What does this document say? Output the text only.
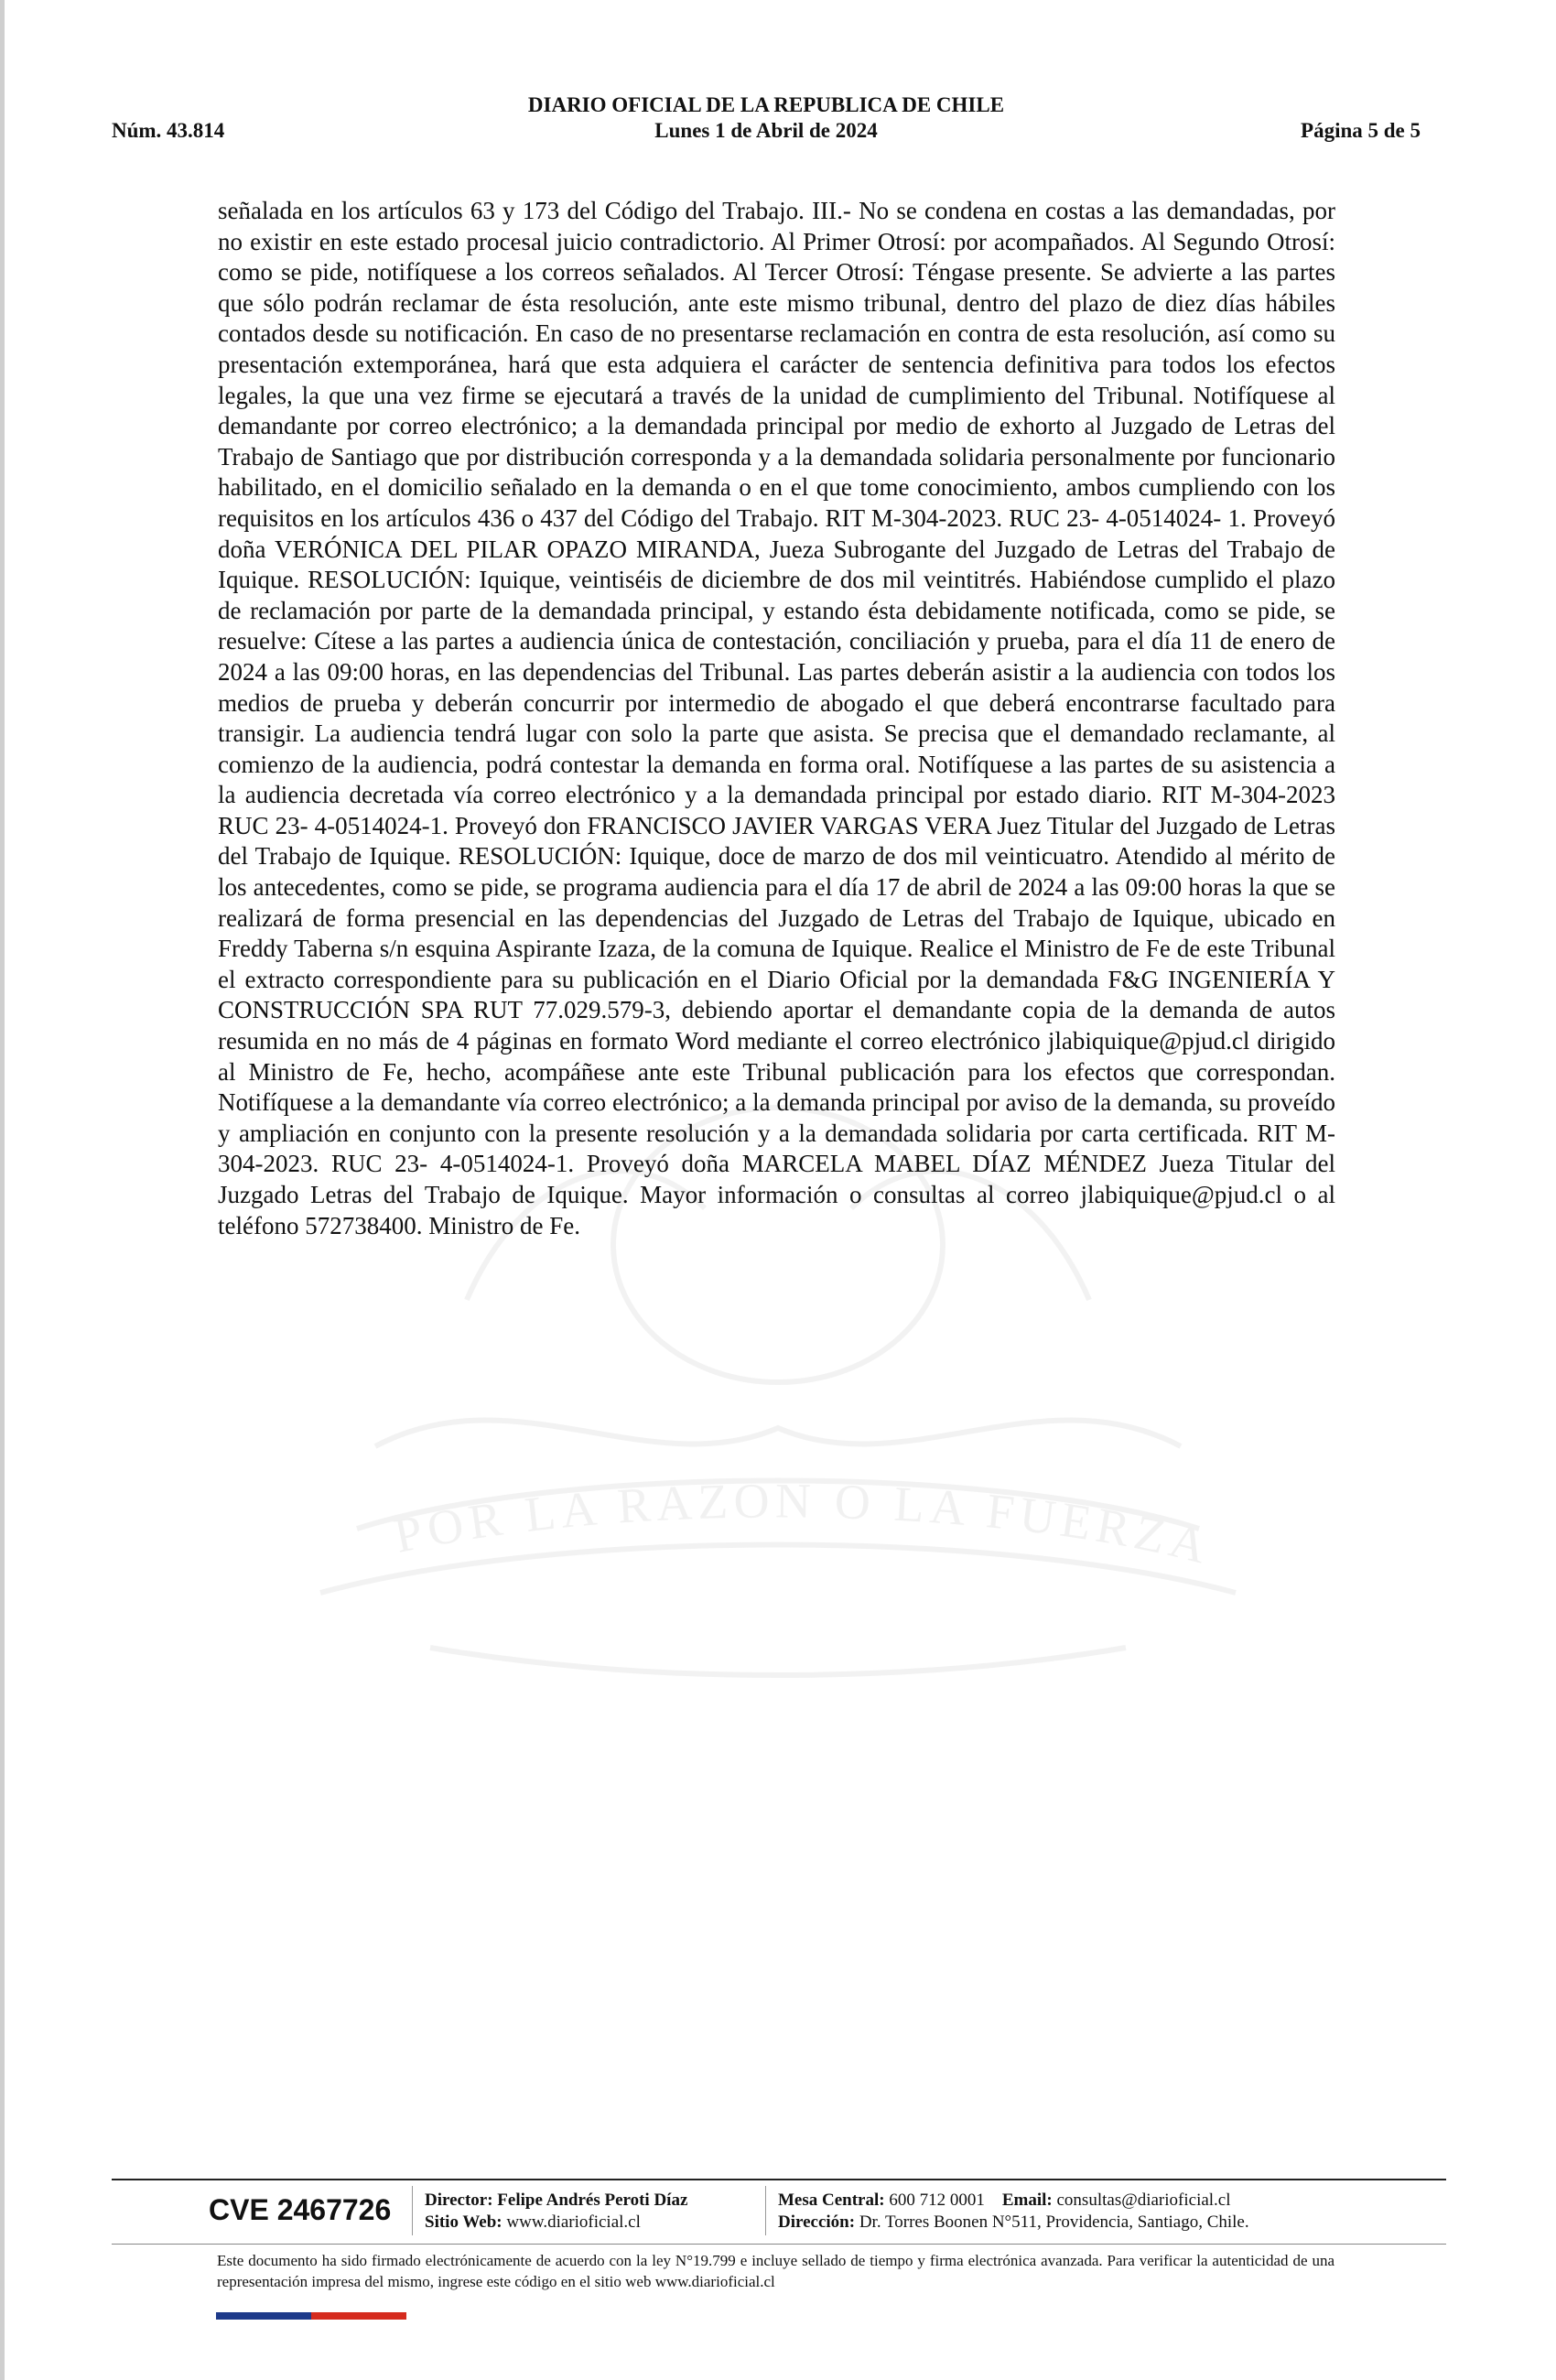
POR LA RAZON O LA FUERZA
DIARIO OFICIAL DE LA REPUBLICA DE CHILE
Núm. 43.814	Lunes 1 de Abril de 2024	Página 5 de 5
señalada en los artículos 63 y 173 del Código del Trabajo. III.- No se condena en costas a las demandadas, por no existir en este estado procesal juicio contradictorio. Al Primer Otrosí: por acompañados. Al Segundo Otrosí: como se pide, notifíquese a los correos señalados. Al Tercer Otrosí: Téngase presente. Se advierte a las partes que sólo podrán reclamar de ésta resolución, ante este mismo tribunal, dentro del plazo de diez días hábiles contados desde su notificación. En caso de no presentarse reclamación en contra de esta resolución, así como su presentación extemporánea, hará que esta adquiera el carácter de sentencia definitiva para todos los efectos legales, la que una vez firme se ejecutará a través de la unidad de cumplimiento del Tribunal. Notifíquese al demandante por correo electrónico; a la demandada principal por medio de exhorto al Juzgado de Letras del Trabajo de Santiago que por distribución corresponda y a la demandada solidaria personalmente por funcionario habilitado, en el domicilio señalado en la demanda o en el que tome conocimiento, ambos cumpliendo con los requisitos en los artículos 436 o 437 del Código del Trabajo. RIT M-304-2023. RUC 23- 4-0514024- 1. Proveyó doña VERÓNICA DEL PILAR OPAZO MIRANDA, Jueza Subrogante del Juzgado de Letras del Trabajo de Iquique. RESOLUCIÓN: Iquique, veintiséis de diciembre de dos mil veintitrés. Habiéndose cumplido el plazo de reclamación por parte de la demandada principal, y estando ésta debidamente notificada, como se pide, se resuelve: Cítese a las partes a audiencia única de contestación, conciliación y prueba, para el día 11 de enero de 2024 a las 09:00 horas, en las dependencias del Tribunal. Las partes deberán asistir a la audiencia con todos los medios de prueba y deberán concurrir por intermedio de abogado el que deberá encontrarse facultado para transigir. La audiencia tendrá lugar con solo la parte que asista. Se precisa que el demandado reclamante, al comienzo de la audiencia, podrá contestar la demanda en forma oral. Notifíquese a las partes de su asistencia a la audiencia decretada vía correo electrónico y a la demandada principal por estado diario. RIT M-304-2023 RUC 23- 4-0514024-1. Proveyó don FRANCISCO JAVIER VARGAS VERA Juez Titular del Juzgado de Letras del Trabajo de Iquique. RESOLUCIÓN: Iquique, doce de marzo de dos mil veinticuatro. Atendido al mérito de los antecedentes, como se pide, se programa audiencia para el día 17 de abril de 2024 a las 09:00 horas la que se realizará de forma presencial en las dependencias del Juzgado de Letras del Trabajo de Iquique, ubicado en Freddy Taberna s/n esquina Aspirante Izaza, de la comuna de Iquique. Realice el Ministro de Fe de este Tribunal el extracto correspondiente para su publicación en el Diario Oficial por la demandada F&G INGENIERÍA Y CONSTRUCCIÓN SPA RUT 77.029.579-3, debiendo aportar el demandante copia de la demanda de autos resumida en no más de 4 páginas en formato Word mediante el correo electrónico jlabiquique@pjud.cl dirigido al Ministro de Fe, hecho, acompáñese ante este Tribunal publicación para los efectos que correspondan. Notifíquese a la demandante vía correo electrónico; a la demanda principal por aviso de la demanda, su proveído y ampliación en conjunto con la presente resolución y a la demandada solidaria por carta certificada. RIT M-304-2023. RUC 23- 4-0514024-1. Proveyó doña MARCELA MABEL DÍAZ MÉNDEZ Jueza Titular del Juzgado Letras del Trabajo de Iquique. Mayor información o consultas al correo jlabiquique@pjud.cl o al teléfono 572738400. Ministro de Fe.
CVE 2467726	Director: Felipe Andrés Peroti Díaz
Sitio Web: www.diarioficial.cl
Mesa Central: 600 712 0001 Email: consultas@diarioficial.cl
Dirección: Dr. Torres Boonen N°511, Providencia, Santiago, Chile.
Este documento ha sido firmado electrónicamente de acuerdo con la ley N°19.799 e incluye sellado de tiempo y firma electrónica avanzada. Para verificar la autenticidad de una representación impresa del mismo, ingrese este código en el sitio web www.diarioficial.cl
